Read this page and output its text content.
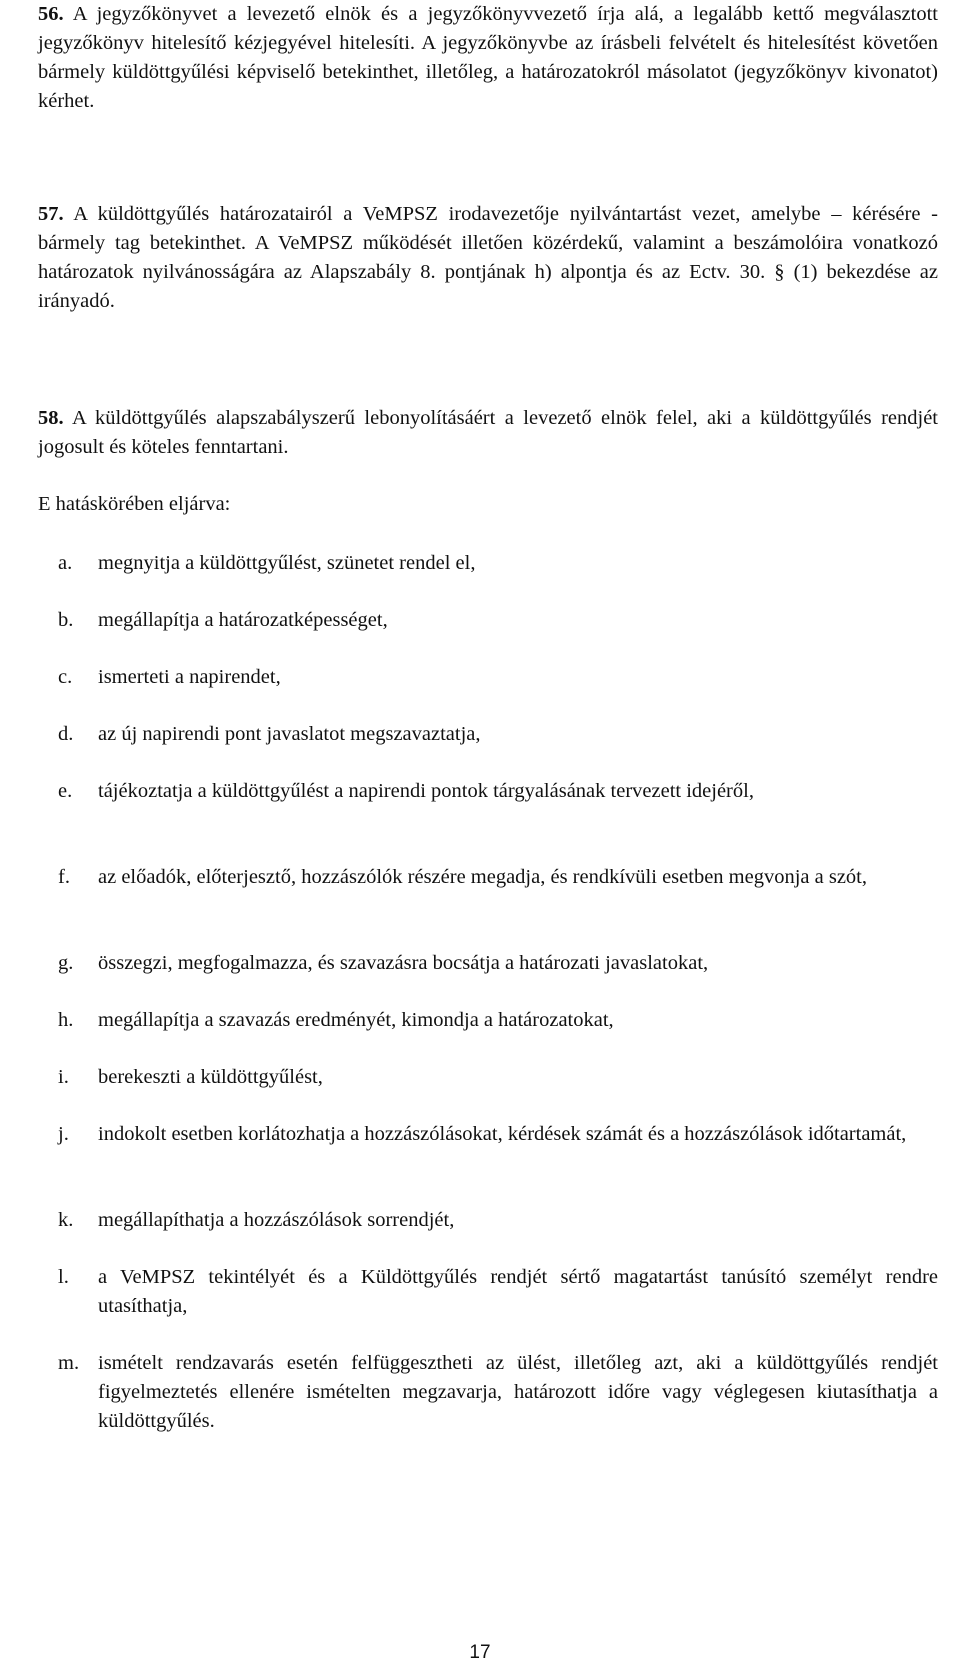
56. A jegyzőkönyvet a levezető elnök és a jegyzőkönyvvezető írja alá, a legalább kettő megválasztott jegyzőkönyv hitelesítő kézjegyével hitelesíti. A jegyzőkönyvbe az írásbeli felvételt és hitelesítést követően bármely küldöttgyűlési képviselő betekinthet, illetőleg, a határozatokról másolatot (jegyzőkönyv kivonatot) kérhet.
57. A küldöttgyűlés határozatairól a VeMPSZ irodavezetője nyilvántartást vezet, amelybe – kérésére - bármely tag betekinthet. A VeMPSZ működését illetően közérdekű, valamint a beszámolóira vonatkozó határozatok nyilvánosságára az Alapszabály 8. pontjának h) alpontja és az Ectv. 30. § (1) bekezdése az irányadó.
58. A küldöttgyűlés alapszabályszerű lebonyolításáért a levezető elnök felel, aki a küldöttgyűlés rendjét jogosult és köteles fenntartani.
E hatáskörében eljárva:
a. megnyitja a küldöttgyűlést, szünetet rendel el,
b. megállapítja a határozatképességet,
c. ismerteti a napirendet,
d. az új napirendi pont javaslatot megszavaztatja,
e. tájékoztatja a küldöttgyűlést a napirendi pontok tárgyalásának tervezett idejéről,
f. az előadók, előterjesztő, hozzászólók részére megadja, és rendkívüli esetben megvonja a szót,
g. összegzi, megfogalmazza, és szavazásra bocsátja a határozati javaslatokat,
h. megállapítja a szavazás eredményét, kimondja a határozatokat,
i. berekeszti a küldöttgyűlést,
j. indokolt esetben korlátozhatja a hozzászólásokat, kérdések számát és a hozzászólások időtartamát,
k. megállapíthatja a hozzászólások sorrendjét,
l. a VeMPSZ tekintélyét és a Küldöttgyűlés rendjét sértő magatartást tanúsító személyt rendre utasíthatja,
m. ismételt rendzavarás esetén felfüggesztheti az ülést, illetőleg azt, aki a küldöttgyűlés rendjét figyelmeztetés ellenére ismételten megzavarja, határozott időre vagy véglegesen kiutasíthatja a küldöttgyűlés.
17
